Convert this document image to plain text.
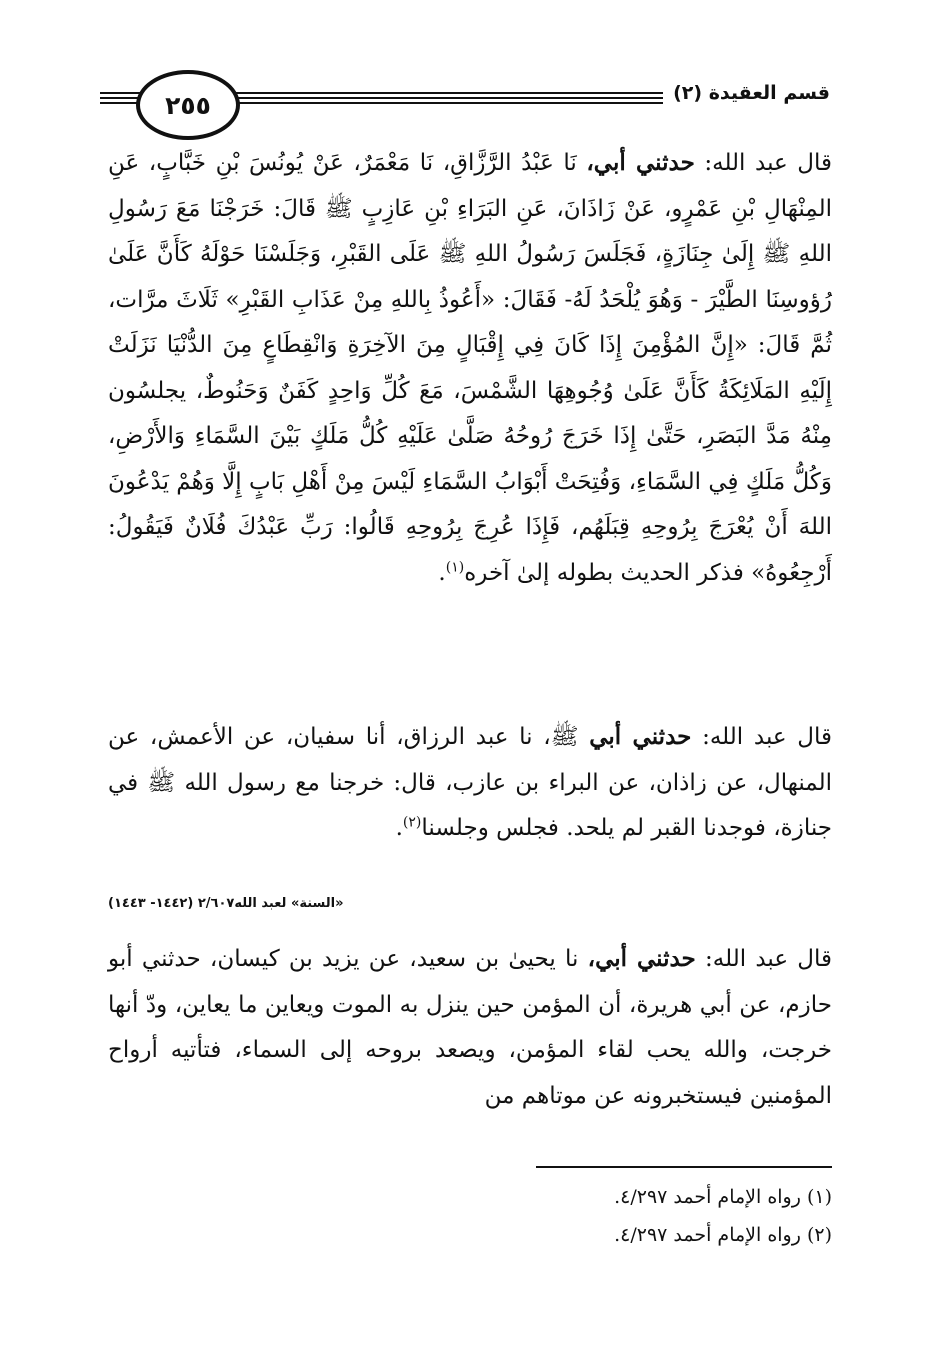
٢٥٥	قسم العقيدة (٢)

قال عبد الله: حدثني أبي، نَا عَبْدُ الرَّزَّاقِ، نَا مَعْمَرٌ، عَنْ يُونُسَ بْنِ خَبَّابٍ، عَنِ المِنْهَالِ بْنِ عَمْرٍو، عَنْ زَاذَانَ، عَنِ البَرَاءِ بْنِ عَازِبٍ ﷺ قَالَ: خَرَجْنَا مَعَ رَسُولِ اللهِ ﷺ إِلَىٰ جِنَازَةٍ، فَجَلَسَ رَسُولُ اللهِ ﷺ عَلَى القَبْرِ، وَجَلَسْنَا حَوْلَهُ كَأَنَّ عَلَىٰ رُؤوسِنَا الطَّيْرَ - وَهُوَ يُلْحَدُ لَهُ- فَقَالَ: «أَعُوذُ بِاللهِ مِنْ عَذَابِ القَبْرِ» ثَلَاثَ مرَّات، ثُمَّ قَالَ: «إِنَّ المُؤْمِنَ إِذَا كَانَ فِي إِقْبَالٍ مِنَ الآخِرَةِ وَانْقِطَاعٍ مِنَ الدُّنْيَا نَزَلَتْ إِلَيْهِ المَلَائِكَةُ كَأَنَّ عَلَىٰ وُجُوهِهَا الشَّمْسَ، مَعَ كُلِّ وَاحِدٍ كَفَنٌ وَحَنُوطٌ، يجلسُون مِنْهُ مَدَّ البَصَرِ، حَتَّىٰ إِذَا خَرَجَ رُوحُهُ صَلَّىٰ عَلَيْهِ كُلُّ مَلَكٍ بَيْنَ السَّمَاءِ وَالأَرْضِ، وَكُلُّ مَلَكٍ فِي السَّمَاءِ، وَفُتِحَتْ أَبْوَابُ السَّمَاءِ لَيْسَ مِنْ أَهْلِ بَابٍ إِلَّا وَهُمْ يَدْعُونَ اللهَ أَنْ يُعْرَجَ بِرُوحِهِ قِبَلَهُم، فَإِذَا عُرِجَ بِرُوحِهِ قَالُوا: رَبِّ عَبْدُكَ فُلَانٌ فَيَقُولُ: أَرْجِعُوهُ» فذكر الحديث بطوله إلىٰ آخره$^{(١)}$.

قال عبد الله: حدثني أبي ﷺ، نا عبد الرزاق، أنا سفيان، عن الأعمش، عن المنهال، عن زاذان، عن البراء بن عازب، قال: خرجنا مع رسول الله ﷺ في جنازة، فوجدنا القبر لم يلحد. فجلس وجلسنا$^{(٢)}$.

«السنة» لعبد الله٢/٦٠٧ (١٤٤٢- ١٤٤٣)

قال عبد الله: حدثني أبي، نا يحيىٰ بن سعيد، عن يزيد بن كيسان، حدثني أبو حازم، عن أبي هريرة، أن المؤمن حين ينزل به الموت ويعاين ما يعاين، ودّ أنها خرجت، والله يحب لقاء المؤمن، ويصعد بروحه إلى السماء، فتأتيه أرواح المؤمنين فيستخبرونه عن موتاهم من

(١) رواه الإمام أحمد ٤/٢٩٧.

(٢) رواه الإمام أحمد ٤/٢٩٧.
